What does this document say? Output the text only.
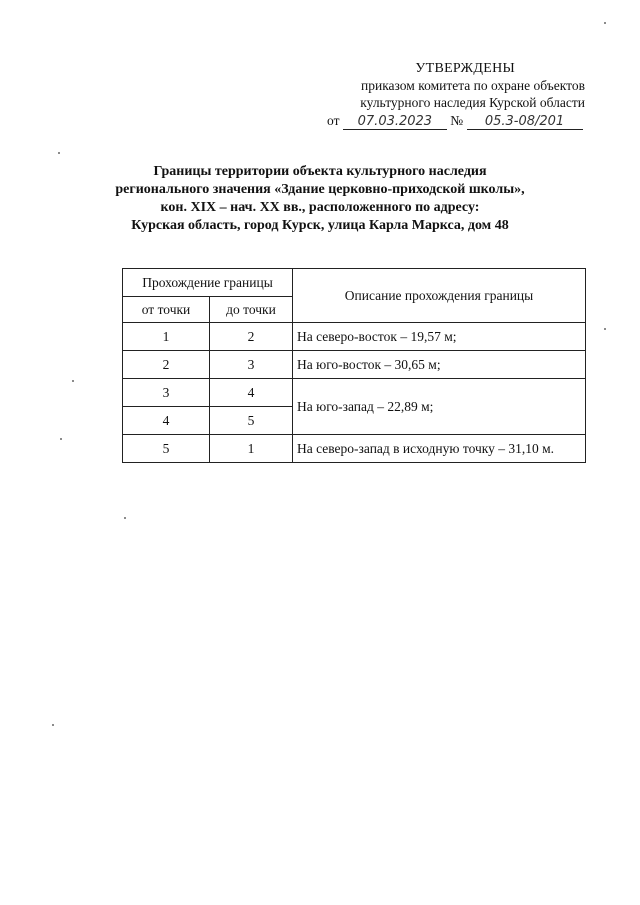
УТВЕРЖДЕНЫ
приказом комитета по охране объектов
культурного наследия Курской области
от 07.03.2023 № 05.3-08/201
Границы территории объекта культурного наследия
регионального значения «Здание церковно-приходской школы»,
кон. XIX – нач. XX вв., расположенного по адресу:
Курская область, город Курск, улица Карла Маркса, дом 48
Прохождение границы		Описание прохождения границы
от точки	до точки	
1	2	На северо-восток – 19,57 м;
2	3	На юго-восток – 30,65 м;
3	4	На юго-запад – 22,89 м;
4	5	
5	1	На северо-запад в исходную точку – 31,10 м.
